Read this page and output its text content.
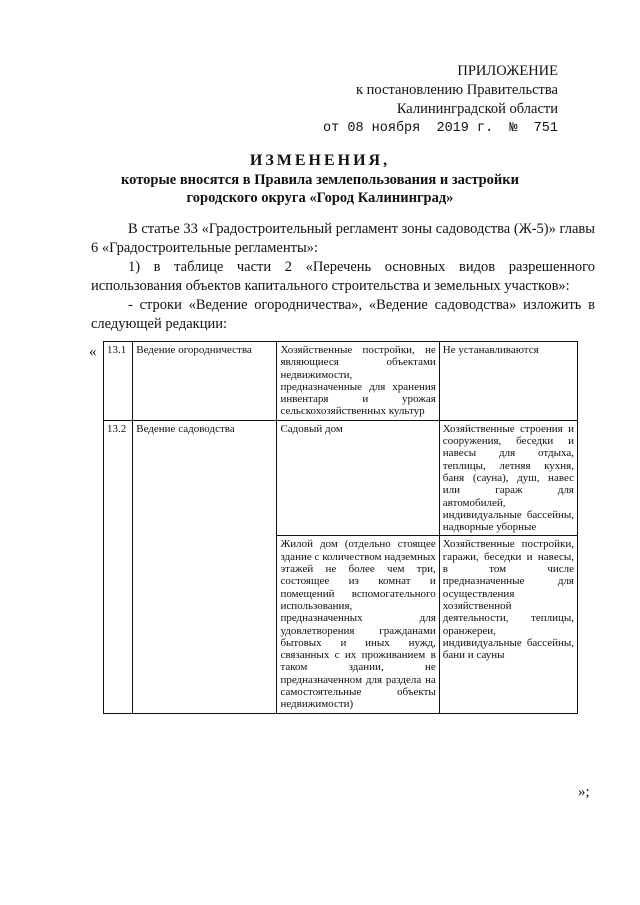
ПРИЛОЖЕНИЕ
к постановлению Правительства
Калининградской области
от 08 ноября  2019 г.  №  751
ИЗМЕНЕНИЯ,
которые вносятся в Правила землепользования и застройки
городского округа «Город Калининград»

В статье 33 «Градостроительный регламент зоны садоводства (Ж-5)» главы 6 «Градостроительные регламенты»:

1) в таблице части 2 «Перечень основных видов разрешенного использования объектов капитального строительства и земельных участков»:

- строки «Ведение огородничества», «Ведение садоводства» изложить в следующей редакции:

« 13.1	Ведение огородничества	Хозяйственные постройки, не являющиеся объектами недвижимости, предназначенные для хранения инвентаря и урожая сельскохозяйственных культур	Не устанавливаются
13.2	Ведение садоводства	Садовый дом	Хозяйственные строения и сооружения, беседки и навесы для отдыха, теплицы, летняя кухня, баня (сауна), душ, навес или гараж для автомобилей, индивидуальные бассейны, надворные уборные
		Жилой дом (отдельно стоящее здание с количеством надземных этажей не более чем три, состоящее из комнат и помещений вспомогательного использования, предназначенных для удовлетворения гражданами бытовых и иных нужд, связанных с их проживанием в таком здании, не предназначенном для раздела на самостоятельные объекты недвижимости)	Хозяйственные постройки, гаражи, беседки и навесы, в том числе предназначенные для осуществления хозяйственной деятельности, теплицы, оранжереи, индивидуальные бассейны, бани и сауны
»;
